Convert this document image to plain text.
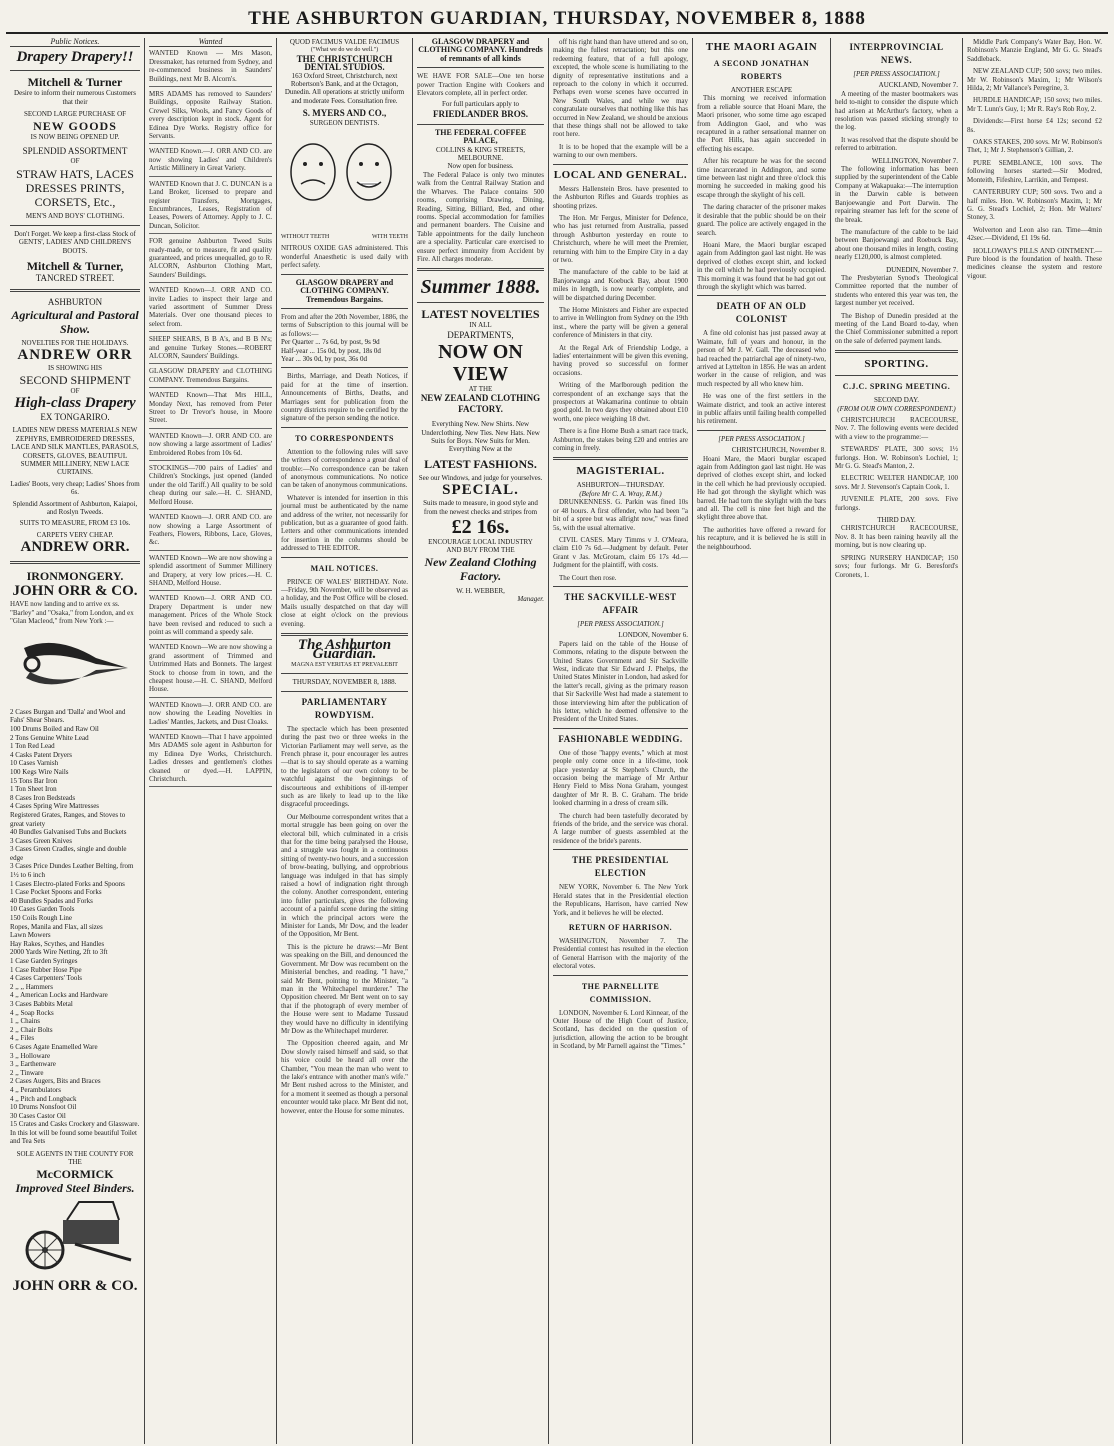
THE ASHBURTON GUARDIAN, THURSDAY, NOVEMBER 8, 1888

Public Notices.
Drapery Drapery!!
Mitchell & Turner
Desire to inform their numerous Customers that their
SECOND LARGE PURCHASE OF
NEW GOODS
IS NOW BEING OPENED UP.
SPLENDID ASSORTMENT
OF
STRAW HATS, LACES
DRESSES PRINTS,
CORSETS, Etc.,
MEN'S AND BOYS' CLOTHING.
Don't Forget. We keep a first-class Stock of GENTS', LADIES' AND CHILDREN'S BOOTS.
Mitchell & Turner,
TANCRED STREET.
ASHBURTON
Agricultural and Pastoral Show.
NOVELTIES FOR THE HOLIDAYS.
ANDREW ORR
IS SHOWING HIS
SECOND SHIPMENT
OF
High-class Drapery
EX TONGARIRO.
LADIES NEW DRESS MATERIALS NEW ZEPHYRS, EMBROIDERED DRESSES, LACE AND SILK MANTLES, PARASOLS, CORSETS, GLOVES, BEAUTIFUL SUMMER MILLINERY, NEW LACE CURTAINS.
Ladies' Boots, very cheap; Ladies' Shoes from 6s.
Splendid Assortment of Ashburton, Kaiapoi, and Roslyn Tweeds.
SUITS TO MEASURE, FROM £3 10s.
CARPETS VERY CHEAP.
ANDREW ORR.
IRONMONGERY.
JOHN ORR & CO.
HAVE now landing and to arrive ex ss. "Barley" and "Osaka," from London, and ex "Glan Macleod," from New York :—
2 Cases Burgan and 'Dalla' and Wool and Fahs' Shear Shears.
100 Drums Boiled and Raw Oil
2 Tons Genuine White Lead
1 Ton Red Lead
4 Casks Patent Dryers
10 Cases Varnish
100 Kegs Wire Nails
15 Tons Bar Iron
1 Ton Sheet Iron
8 Cases Iron Bedsteads
4 Cases Spring Wire Mattresses
Registered Grates, Ranges, and Stoves to great variety
40 Bundles Galvanised Tubs and Buckets
3 Cases Green Knives
3 Cases Green Cradles, single and double edge
3 Cases Price Dundes Leather Belting, from 1½ to 6 inch
1 Cases Electro-plated Forks and Spoons
1 Case Pocket Spoons and Forks
40 Bundles Spades and Forks
10 Cases Garden Tools
150 Coils Rough Line
Ropes, Manila and Flax, all sizes
Lawn Mowers
Hay Rakes, Scythes, and Handles
2000 Yards Wire Netting, 2ft to 3ft
1 Case Garden Syringes
1 Case Rubber Hose Pipe
4 Cases Carpenters' Tools
2 ,, ,, Hammers
4 ,, American Locks and Hardware
3 Cases Babbits Metal
4 ,, Soap Rocks
1 ,, Chains
2 ,, Chair Bolts
4 ,, Files
6 Cases Agate Enamelled Ware
3 ,, Holloware
3 ,, Earthenware
2 ,, Tinware
2 Cases Augers, Bits and Braces
4 ,, Perambulators
4 ,, Pitch and Longback
10 Drums Nonsfoot Oil
30 Cases Castor Oil
15 Crates and Casks Crockery and Glassware. In this lot will be found some beautiful Toilet and Tea Sets
SOLE AGENTS IN THE COUNTY FOR THE
McCORMICK
Improved Steel Binders.
JOHN ORR & CO.
Wanted
WANTED Known — Mrs Mason, Dressmaker, has returned from Sydney, and re-commenced business in Saunders' Buildings, next Mr B. Alcorn's.
MRS ADAMS has removed to Saunders' Buildings, opposite Railway Station. Crewel Silks, Wools, and Fancy Goods of every description kept in stock. Agent for Edinea Dye Works. Registry office for Servants.
WANTED Known.—J. ORR AND CO. are now showing Ladies' and Children's Artistic Millinery in Great Variety.
WANTED Known that J. C. DUNCAN is a Land Broker, licensed to prepare and register Transfers, Mortgages, Encumbrances, Leases, Registration of Leases, Powers of Attorney. Apply to J. C. Duncan, Solicitor.
FOR genuine Ashburton Tweed Suits ready-made, or to measure, fit and quality guaranteed, and prices unequalled, go to R. ALCORN, Ashburton Clothing Mart, Saunders' Buildings.
WANTED Known—J. ORR AND CO. invite Ladies to inspect their large and varied assortment of Summer Dress Materials. Over one thousand pieces to select from.
SHEEP SHEARS, B B A's, and B B N's; and genuine Turkey Stones.—ROBERT ALCORN, Saunders' Buildings.
GLASGOW DRAPERY and CLOTHING COMPANY. Tremendous Bargains.
WANTED Known—That Mrs HILL, Monday Next, has removed from Peter Street to Dr Trevor's house, in Moore Street.
WANTED Known—J. ORR AND CO. are now showing a large assortment of Ladies' Embroidered Robes from 10s 6d.
STOCKINGS—700 pairs of Ladies' and Children's Stockings, just opened (landed under the old Tariff.) All quality to be sold cheap during our sale.—H. C. SHAND, Melford House.
WANTED Known—J. ORR AND CO. are now showing a Large Assortment of Feathers, Flowers, Ribbons, Lace, Gloves, &c.
WANTED Known—We are now showing a splendid assortment of Summer Millinery and Drapery, at very low prices.—H. C. SHAND, Melford House.
WANTED Known—J. ORR AND CO. Drapery Department is under new management. Prices of the Whole Stock have been revised and reduced to such a point as will command a speedy sale.
WANTED Known—We are now showing a grand assortment of Trimmed and Untrimmed Hats and Bonnets. The largest Stock to choose from in town, and the cheapest house.—H. C. SHAND, Melford House.
WANTED Known—J. ORR AND CO. are now showing the Leading Novelties in Ladies' Mantles, Jackets, and Dust Cloaks.
WANTED Known—That I have appointed Mrs ADAMS sole agent in Ashburton for my Edinea Dye Works, Christchurch. Ladies dresses and gentlemen's clothes cleaned or dyed.—H. LAPPIN, Christchurch.
QUOD FACIMUS VALDE FACIMUS
("What we do we do well.")
THE CHRISTCHURCH DENTAL STUDIOS.
163 Oxford Street, Christchurch, next Robertson's Bank, and at the Octagon, Dunedin. All operations at strictly uniform and moderate Fees. Consultation free.
S. MYERS AND CO.,
SURGEON DENTISTS.
WITHOUT TEETH	WITH TEETH
NITROUS OXIDE GAS administered. This wonderful Anaesthetic is used daily with perfect safety.
GLASGOW DRAPERY and CLOTHING COMPANY. Tremendous Bargains.
From and after the 20th November, 1886, the terms of Subscription to this journal will be as follows:—
Per Quarter ... 7s 6d, by post, 9s 9d
Half-year ... 15s 0d, by post, 18s 0d
Year ... 30s 0d, by post, 36s 0d

Births, Marriage, and Death Notices, if paid for at the time of insertion. Announcements of Births, Deaths, and Marriages sent for publication from the country districts require to be certified by the signature of the person sending the notice.

TO CORRESPONDENTS

Attention to the following rules will save the writers of correspondence a great deal of trouble:—No correspondence can be taken of anonymous communications. No notice can be taken of anonymous communications.

Whatever is intended for insertion in this journal must be authenticated by the name and address of the writer, not necessarily for publication, but as a guarantee of good faith. Letters and other communications intended for insertion in the columns should be addressed to THE EDITOR.

MAIL NOTICES.

PRINCE OF WALES' BIRTHDAY. Note.—Friday, 9th November, will be observed as a holiday, and the Post Office will be closed. Mails usually despatched on that day will close at eight o'clock on the previous evening.

The Ashburton Guardian.
MAGNA EST VERITAS ET PREVALEBIT
THURSDAY, NOVEMBER 8, 1888.
PARLIAMENTARY ROWDYISM.

The spectacle which has been presented during the past two or three weeks in the Victorian Parliament may well serve, as the French phrase it, pour encourager les autres—that is to say should operate as a warning to the legislators of our own colony to be watchful against the beginnings of discourteous and exhibitions of ill-temper such as are likely to lead up to the like disgraceful proceedings.

Our Melbourne correspondent writes that a mortal struggle has been going on over the electoral bill, which culminated in a crisis that for the time being paralysed the House, and a struggle was fought in a continuous sitting of twenty-two hours, and a succession of brow-beating, bullying, and opprobrious language was indulged in that has simply raised a howl of indignation right through the colony. Another correspondent, entering into fuller particulars, gives the following account of a painful scene during the sitting in which the principal actors were the Minister for Lands, Mr Dow, and the leader of the Opposition, Mr Bent.

This is the picture he draws:—Mr Bent was speaking on the Bill, and denounced the Government. Mr Dow was recumbent on the Ministerial benches, and reading. "I have," said Mr Bent, pointing to the Minister, "a man in the Whitechapel murderer." The Opposition cheered. Mr Bent went on to say that if the photograph of every member of the House were sent to Madame Tussaud they would have no difficulty in identifying Mr Dow as the Whitechapel murderer.

The Opposition cheered again, and Mr Dow slowly raised himself and said, so that his voice could be heard all over the Chamber, "You mean the man who went to the lake's entrance with another man's wife." Mr Bent rushed across to the Minister, and for a moment it seemed as though a personal encounter would take place. Mr Bent did not, however, enter the House for some minutes.

GLASGOW DRAPERY and CLOTHING COMPANY. Hundreds of remnants of all kinds
WE HAVE FOR SALE—One ten horse power Traction Engine with Cookers and Elevators complete, all in perfect order.
For full particulars apply to
FRIEDLANDER BROS.
THE FEDERAL COFFEE PALACE,
COLLINS & KING STREETS, MELBOURNE.
Now open for business.

The Federal Palace is only two minutes walk from the Central Railway Station and the Wharves. The Palace contains 500 rooms, comprising Drawing, Dining, Reading, Sitting, Billiard, Bed, and other rooms. Special accommodation for families and permanent boarders. The Cuisine and Table appointments for the daily luncheon are a speciality. Particular care exercised to ensure perfect immunity from Accident by Fire. All charges moderate.

Summer 1888.
LATEST NOVELTIES
IN ALL
DEPARTMENTS,
NOW ON VIEW
AT THE
NEW ZEALAND CLOTHING FACTORY.
Everything New. New Shirts. New Underclothing. New Ties. New Hats. New Suits for Boys. New Suits for Men. Everything New at the
LATEST FASHIONS.
See our Windows, and judge for yourselves.
SPECIAL.
Suits made to measure, in good style and from the newest checks and stripes from
£2 16s.
ENCOURAGE LOCAL INDUSTRY
AND BUY FROM THE
New Zealand Clothing Factory.
W. H. WEBBER,
Manager.

off his right hand than have uttered and so on, making the fullest retractation; but this one redeeming feature, that of a full apology, excepted, the whole scene is humiliating to the dignity of representative institutions and a reproach to the colony in which it occurred. Perhaps even worse scenes have occurred in New South Wales, and while we may congratulate ourselves that nothing like this has occurred in New Zealand, we should be anxious that these things shall not be allowed to take root here.

It is to be hoped that the example will be a warning to our own members.

LOCAL AND GENERAL.

Messrs Hallenstein Bros. have presented to the Ashburton Rifles and Guards trophies as shooting prizes.

The Hon. Mr Fergus, Minister for Defence, who has just returned from Australia, passed through Ashburton yesterday en route to Christchurch, where he will meet the Premier, returning with him to the Empire City in a day or two.

The manufacture of the cable to be laid at Banjorwanga and Koebuck Bay, about 1900 miles in length, is now nearly complete, and will be dispatched during December.

The Home Ministers and Fisher are expected to arrive in Wellington from Sydney on the 19th inst., where the party will be given a general conference of Ministers in that city.

At the Regal Ark of Friendship Lodge, a ladies' entertainment will be given this evening, having proved so successful on former occasions.

Writing of the Marlborough pedition the correspondent of an exchange says that the prospectors at Wakamarina continue to obtain good gold. In two days they obtained about £10 worth, one piece weighing 18 dwt.

There is a fine Home Bush a smart race track, Ashburton, the stakes being £20 and entries are coming in freely.

MAGISTERIAL.
ASHBURTON—THURSDAY.
(Before Mr C. A. Wray, R.M.)

DRUNKENNESS. G. Parkin was fined 10s or 48 hours. A first offender, who had been "a bit of a spree but was allright now," was fined 5s, with the usual alternative.

CIVIL CASES. Mary Timms v J. O'Meara, claim £10 7s 6d.—Judgment by default. Peter Grant v Jas. McGrotam, claim £6 17s 4d.—Judgment for the plaintiff, with costs.

The Court then rose.

THE SACKVILLE-WEST AFFAIR
[PER PRESS ASSOCIATION.]
LONDON, November 6.

Papers laid on the table of the House of Commons, relating to the dispute between the United States Government and Sir Sackville West, indicate that Sir Edward J. Phelps, the United States Minister in London, had asked for the latter's recall, giving as the primary reason that Sir Sackville West had made a statement to those interviewing him after the publication of his letter, which he deemed offensive to the President of the United States.

FASHIONABLE WEDDING.

One of those "happy events," which at most people only come once in a life-time, took place yesterday at St Stephen's Church, the occasion being the marriage of Mr Arthur Henry Field to Miss Nona Graham, youngest daughter of Mr R. B. C. Graham. The bride looked charming in a dress of cream silk.

The church had been tastefully decorated by friends of the bride, and the service was choral. A large number of guests assembled at the residence of the bride's parents.

THE PRESIDENTIAL ELECTION

NEW YORK, November 6. The New York Herald states that in the Presidential election the Republicans, Harrison, have carried New York, and it believes he will be elected.

RETURN OF HARRISON.

WASHINGTON, November 7. The Presidential contest has resulted in the election of General Harrison with the majority of the electoral votes.

THE PARNELLITE COMMISSION.

LONDON, November 6. Lord Kinnear, of the Outer House of the High Court of Justice, Scotland, has decided on the question of jurisdiction, allowing the action to be brought in Scotland, by Mr Parnell against the "Times."

THE MAORI AGAIN
A SECOND JONATHAN ROBERTS
ANOTHER ESCAPE

This morning we received information from a reliable source that Hoani Mare, the Maori prisoner, who some time ago escaped from Addington Gaol, and who was recaptured in a rather sensational manner on the Port Hills, has again succeeded in effecting his escape.

After his recapture he was for the second time incarcerated in Addington, and some time between last night and three o'clock this morning he succeeded in making good his escape through the skylight of his cell.

The daring character of the prisoner makes it desirable that the public should be on their guard. The police are actively engaged in the search.

Hoani Mare, the Maori burglar escaped again from Addington gaol last night. He was deprived of clothes except shirt, and locked in the cell which he had previously occupied. This morning it was found that he had got out through the skylight which was barred.

DEATH OF AN OLD COLONIST

A fine old colonist has just passed away at Waimate, full of years and honour, in the person of Mr J. W. Gall. The deceased who had reached the patriarchal age of ninety-two, arrived at Lyttelton in 1856. He was an ardent worker in the cause of religion, and was much respected by all who knew him.

He was one of the first settlers in the Waimate district, and took an active interest in public affairs until failing health compelled his retirement.

[PER PRESS ASSOCIATION.]
CHRISTCHURCH, November 8.

Hoani Mare, the Maori burglar escaped again from Addington gaol last night. He was deprived of clothes except shirt, and locked in the cell which he had previously occupied. He had got through the skylight which was barred. He had torn the skylight with the bars and all. The cell is nine feet high and the skylight three above that.

The authorities have offered a reward for his recapture, and it is believed he is still in the neighbourhood.

INTERPROVINCIAL NEWS.
[PER PRESS ASSOCIATION.]
AUCKLAND, November 7.

A meeting of the master bootmakers was held to-night to consider the dispute which had arisen at McArthur's factory, when a resolution was passed sticking strongly to the log.

It was resolved that the dispute should be referred to arbitration.

WELLINGTON, November 7.

The following information has been supplied by the superintendent of the Cable Company at Wakapuaka:—The interruption in the Darwin cable is between Banjoewangie and Port Darwin. The repairing steamer has left for the scene of the break.

The manufacture of the cable to be laid between Banjoewangi and Roebuck Bay, about one thousand miles in length, costing nearly £120,000, is almost completed.

DUNEDIN, November 7.

The Presbyterian Synod's Theological Committee reported that the number of students who entered this year was ten, the largest number yet received.

The Bishop of Dunedin presided at the meeting of the Land Board to-day, when the Chief Commissioner submitted a report on the sale of deferred payment lands.

SPORTING.
C.J.C. SPRING MEETING.
SECOND DAY.
(FROM OUR OWN CORRESPONDENT.)

CHRISTCHURCH RACECOURSE, Nov. 7. The following events were decided with a view to the programme:—

STEWARDS' PLATE, 300 sovs; 1½ furlongs. Hon. W. Robinson's Lochiel, 1; Mr G. G. Stead's Manton, 2.

ELECTRIC WELTER HANDICAP, 100 sovs. Mr J. Stevenson's Captain Cook, 1.

JUVENILE PLATE, 200 sovs. Five furlongs.

THIRD DAY.

CHRISTCHURCH RACECOURSE, Nov. 8. It has been raining heavily all the morning, but is now clearing up.

SPRING NURSERY HANDICAP; 150 sovs; four furlongs. Mr G. Beresford's Coronets, 1.

Middle Park Company's Water Bay, Hon. W. Robinson's Manzie England, Mr G. G. Stead's Saddleback.

NEW ZEALAND CUP; 500 sovs; two miles. Mr W. Robinson's Maxim, 1; Mr Wilson's Hilda, 2; Mr Vallance's Peregrine, 3.

HURDLE HANDICAP; 150 sovs; two miles. Mr T. Lunn's Guy, 1; Mr R. Ray's Rob Roy, 2.

Dividends:—First horse £4 12s; second £2 8s.

OAKS STAKES, 200 sovs. Mr W. Robinson's Thet, 1; Mr J. Stephenson's Gillian, 2.

PURE SEMBLANCE, 100 sovs. The following horses started:—Sir Modred, Monteith, Fifeshire, Larrikin, and Tempest.

CANTERBURY CUP; 500 sovs. Two and a half miles. Hon. W. Robinson's Maxim, 1; Mr G. G. Stead's Lochiel, 2; Hon. Mr Walters' Stoney, 3.

Wolverton and Leon also ran. Time—4min 42sec.—Dividend, £1 19s 6d.

HOLLOWAY'S PILLS AND OINTMENT.—Pure blood is the foundation of health. These medicines cleanse the system and restore vigour.
